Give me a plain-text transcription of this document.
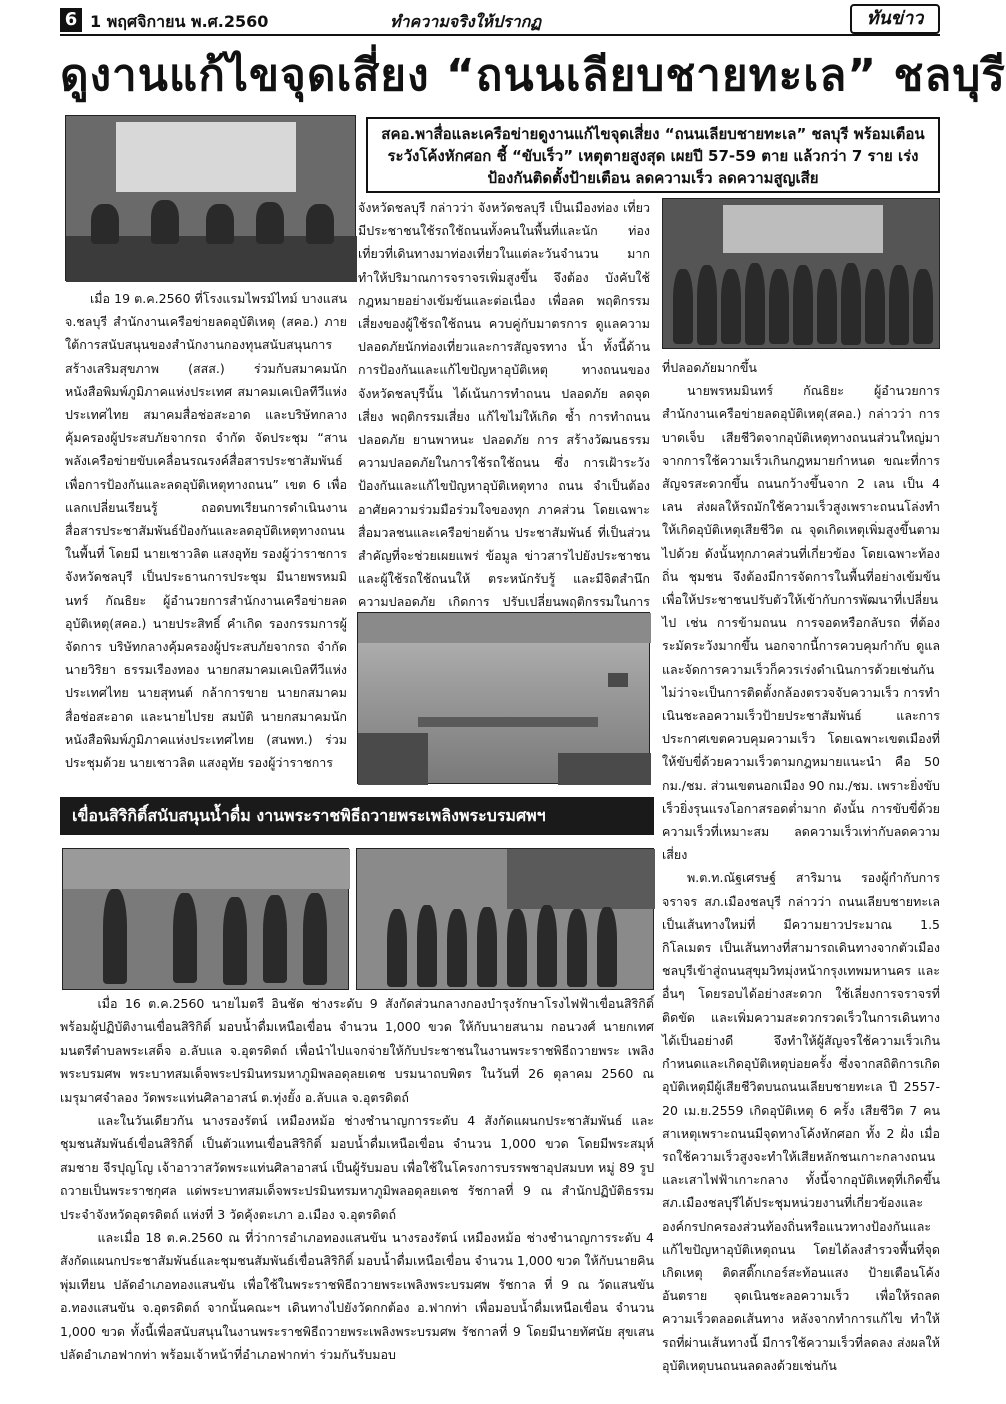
6 1 พฤศจิกายน พ.ศ.2560	ทำความจริงให้ปรากฏ	ทันข่าว
ดูงานแก้ไขจุดเสี่ยง “ถนนเลียบชายทะเล” ชลบุรี
สคอ.พาสื่อและเครือข่ายดูงานแก้ไขจุดเสี่ยง “ถนนเลียบชายทะเล” ชลบุรี พร้อมเตือนระวังโค้งหักศอก ชี้ “ขับเร็ว” เหตุตายสูงสุด เผยปี 57-59 ตาย แล้วกว่า 7 ราย เร่งป้องกันติดตั้งป้ายเตือน ลดความเร็ว ลดความสูญเสีย

เมื่อ 19 ต.ค.2560 ที่โรงแรมไพรม์ไทม์ บางแสน จ.ชลบุรี สำนักงานเครือข่ายลดอุบัติเหตุ (สคอ.) ภายใต้การสนับสนุนของสำนักงานกองทุนสนับสนุนการสร้างเสริมสุขภาพ (สสส.) ร่วมกับสมาคมนักหนังสือพิมพ์ภูมิภาคแห่งประเทศ สมาคมเคเบิลทีวีแห่งประเทศไทย สมาคมสื่อช่อสะอาด และบริษัทกลางคุ้มครองผู้ประสบภัยจากรถ จำกัด จัดประชุม “สานพลังเครือข่ายขับเคลื่อนรณรงค์สื่อสารประชาสัมพันธ์ เพื่อการป้องกันและลดอุบัติเหตุทางถนน” เขต 6 เพื่อแลกเปลี่ยนเรียนรู้ ถอดบทเรียนการดำเนินงาน สื่อสารประชาสัมพันธ์ป้องกันและลดอุบัติเหตุทางถนนในพื้นที่ โดยมี นายเชาวลิต แสงอุทัย รองผู้ว่าราชการจังหวัดชลบุรี เป็นประธานการประชุม มีนายพรหมมินทร์ กัณธิยะ ผู้อำนวยการสำนักงานเครือข่ายลดอุบัติเหตุ(สคอ.) นายประสิทธิ์ คำเกิด รองกรรมการผู้จัดการ บริษัทกลางคุ้มครองผู้ประสบภัยจากรถ จำกัด นายวิริยา ธรรมเรืองทอง นายกสมาคมเคเบิลทีวีแห่งประเทศไทย นายสุทนต์ กล้าการขาย นายกสมาคมสื่อช่อสะอาด และนายไปรย สมบัติ นายกสมาคมนักหนังสือพิมพ์ภูมิภาคแห่งประเทศไทย (สนพท.) ร่วมประชุมด้วย นายเชาวลิต แสงอุทัย รองผู้ว่าราชการ

จังหวัดชลบุรี กล่าวว่า จังหวัดชลบุรี เป็นเมืองท่อง เที่ยว มีประชาชนใช้รถใช้ถนนทั้งคนในพื้นที่และนัก ท่องเที่ยวที่เดินทางมาท่องเที่ยวในแต่ละวันจำนวน มาก ทำให้ปริมาณการจราจรเพิ่มสูงขึ้น จึงต้อง บังคับใช้กฎหมายอย่างเข้มข้นและต่อเนื่อง เพื่อลด พฤติกรรมเสี่ยงของผู้ใช้รถใช้ถนน ควบคู่กับมาตรการ ดูแลความปลอดภัยนักท่องเที่ยวและการสัญจรทาง น้ำ ทั้งนี้ด้านการป้องกันและแก้ไขปัญหาอุบัติเหตุ ทางถนนของจังหวัดชลบุรีนั้น ได้เน้นการทำถนน ปลอดภัย ลดจุดเสี่ยง พฤติกรรมเสี่ยง แก้ไขไม่ให้เกิด ซ้ำ การทำถนนปลอดภัย ยานพาหนะ ปลอดภัย การ สร้างวัฒนธรรมความปลอดภัยในการใช้รถใช้ถนน ซึ่ง การเฝ้าระวังป้องกันและแก้ไขปัญหาอุบัติเหตุทาง ถนน จำเป็นต้องอาศัยความร่วมมือร่วมใจของทุก ภาคส่วน โดยเฉพาะสื่อมวลชนและเครือข่ายด้าน ประชาสัมพันธ์ ที่เป็นส่วนสำคัญที่จะช่วยเผยแพร่ ข้อมูล ข่าวสารไปยังประชาชนและผู้ใช้รถใช้ถนนให้ ตระหนักรับรู้ และมีจิตสำนึกความปลอดภัย เกิดการ ปรับเปลี่ยนพฤติกรรมในการ

ที่ปลอดภัยมากขึ้น

นายพรหมมินทร์ กัณธิยะ ผู้อำนวยการสำนักงานเครือข่ายลดอุบัติเหตุ(สคอ.) กล่าวว่า การบาดเจ็บ เสียชีวิตจากอุบัติเหตุทางถนนส่วนใหญ่มาจากการใช้ความเร็วเกินกฎหมายกำหนด ขณะที่การสัญจรสะดวกขึ้น ถนนกว้างขึ้นจาก 2 เลน เป็น 4 เลน ส่งผลให้รถมักใช้ความเร็วสูงเพราะถนนโล่งทำ ให้เกิดอุบัติเหตุเสียชีวิต ณ จุดเกิดเหตุเพิ่มสูงขึ้นตามไปด้วย ดังนั้นทุกภาคส่วนที่เกี่ยวข้อง โดยเฉพาะท้องถิ่น ชุมชน จึงต้องมีการจัดการในพื้นที่อย่างเข้มข้น เพื่อให้ประชาชนปรับตัวให้เข้ากับการพัฒนาที่เปลี่ยนไป เช่น การข้ามถนน การจอดหรือกลับรถ ที่ต้องระมัดระวังมากขึ้น นอกจากนี้การควบคุมกำกับ ดูแลและจัดการความเร็วก็ควรเร่งดำเนินการด้วยเช่นกัน ไม่ว่าจะเป็นการติดตั้งกล้องตรวจจับความเร็ว การทำเนินชะลอความเร็วป้ายประชาสัมพันธ์ และการประกาศเขตควบคุมความเร็ว โดยเฉพาะเขตเมืองที่ให้ขับขี่ด้วยความเร็วตามกฎหมายแนะนำ คือ 50 กม./ชม. ส่วนเขตนอกเมือง 90 กม./ชม. เพราะยิ่งขับเร็วยิ่งรุนแรงโอกาสรอดต่ำมาก ดังนั้น การขับขี่ด้วยความเร็วที่เหมาะสม ลดความเร็วเท่ากับลดความเสี่ยง

พ.ต.ท.ณัฐเศรษฐ์ สาริมาน รองผู้กำกับการจราจร สภ.เมืองชลบุรี กล่าวว่า ถนนเลียบชายทะเล เป็นเส้นทางใหม่ที่ มีความยาวประมาณ 1.5 กิโลเมตร เป็นเส้นทางที่สามารถเดินทางจากตัวเมืองชลบุรีเข้าสู่ถนนสุขุมวิทมุ่งหน้ากรุงเทพมหานคร และอื่นๆ โดยรอบได้อย่างสะดวก ใช้เลี่ยงการจราจรที่ติดขัด และเพิ่มความสะดวกรวดเร็วในการเดินทางได้เป็นอย่างดี จึงทำให้ผู้สัญจรใช้ความเร็วเกินกำหนดและเกิดอุบัติเหตุบ่อยครั้ง ซึ่งจากสถิติการเกิดอุบัติเหตุมีผู้เสียชีวิตบนถนนเลียบชายทะเล ปี 2557-20 เม.ย.2559 เกิดอุบัติเหตุ 6 ครั้ง เสียชีวิต 7 คน สาเหตุเพราะถนนมีจุดทางโค้งหักศอก ทั้ง 2 ฝั่ง เมื่อรถใช้ความเร็วสูงจะทำให้เสียหลักชนเกาะกลางถนนและเสาไฟฟ้าเกาะกลาง ทั้งนี้จากอุบัติเหตุที่เกิดขึ้น สภ.เมืองชลบุรีได้ประชุมหน่วยงานที่เกี่ยวข้องและองค์กรปกครองส่วนท้องถิ่นหรือแนวทางป้องกันและแก้ไขปัญหาอุบัติเหตุถนน โดยได้ลงสำรวจพื้นที่จุดเกิดเหตุ ติดสติ๊กเกอร์สะท้อนแสง ป้ายเตือนโค้งอันตราย จุดเนินชะลอความเร็ว เพื่อให้รถลดความเร็วตลอดเส้นทาง หลังจากทำการแก้ไข ทำให้รถที่ผ่านเส้นทางนี้ มีการใช้ความเร็วที่ลดลง ส่งผลให้อุบัติเหตุบนถนนลดลงด้วยเช่นกัน

เขื่อนสิริกิติ์สนับสนุนน้ำดื่ม งานพระราชพิธีถวายพระเพลิงพระบรมศพฯ

เมื่อ 16 ต.ค.2560 นายไมตรี อินชัด ช่างระดับ 9 สังกัดส่วนกลางกองบำรุงรักษาโรงไฟฟ้าเขื่อนสิริกิติ์ พร้อมผู้ปฏิบัติงานเขื่อนสิริกิติ์ มอบน้ำดื่มเหนือเขื่อน จำนวน 1,000 ขวด ให้กับนายสนาม กอนวงศ์ นายกเทศ มนตรีตำบลพระเสด็จ อ.ลับแล จ.อุตรดิตถ์ เพื่อนำไปแจกจ่ายให้กับประชาชนในงานพระราชพิธีถวายพระ เพลิงพระบรมศพ พระบาทสมเด็จพระปรมินทรมหาภูมิพลอดุลยเดช บรมนาถบพิตร ในวันที่ 26 ตุลาคม 2560 ณ เมรุมาศจำลอง วัดพระแท่นศิลาอาสน์ ต.ทุ่งยั้ง อ.ลับแล จ.อุตรดิตถ์

และในวันเดียวกัน นางรองรัตน์ เหมืองหม้อ ช่างชำนาญการระดับ 4 สังกัดแผนกประชาสัมพันธ์ และชุมชนสัมพันธ์เขื่อนสิริกิติ์ เป็นตัวแทนเขื่อนสิริกิติ์ มอบน้ำดื่มเหนือเขื่อน จำนวน 1,000 ขวด โดยมีพระสมุห์สมชาย จีรปุญโญ เจ้าอาวาสวัดพระแท่นศิลาอาสน์ เป็นผู้รับมอบ เพื่อใช้ในโครงการบรรพชาอุปสมบท หมู่ 89 รูป ถวายเป็นพระราชกุศล แด่พระบาทสมเด็จพระปรมินทรมหาภูมิพลอดุลยเดช รัชกาลที่ 9 ณ สำนักปฏิบัติธรรมประจำจังหวัดอุตรดิตถ์ แห่งที่ 3 วัดคุ้งตะเภา อ.เมือง จ.อุตรดิตถ์

และเมื่อ 18 ต.ค.2560 ณ ที่ว่าการอำเภอทองแสนขัน นางรองรัตน์ เหมืองหม้อ ช่างชำนาญการระดับ 4 สังกัดแผนกประชาสัมพันธ์และชุมชนสัมพันธ์เขื่อนสิริกิติ์ มอบน้ำดื่มเหนือเขื่อน จำนวน 1,000 ขวด ให้กับนายคิน พุ่มเทียน ปลัดอำเภอทองแสนขัน เพื่อใช้ในพระราชพิธีถวายพระเพลิงพระบรมศพ รัชกาล ที่ 9 ณ วัดแสนขัน อ.ทองแสนขัน จ.อุตรดิตถ์ จากนั้นคณะฯ เดินทางไปยังวัดกกต้อง อ.ฟากท่า เพื่อมอบน้ำดื่มเหนือเขื่อน จำนวน 1,000 ขวด ทั้งนี้เพื่อสนับสนุนในงานพระราชพิธีถวายพระเพลิงพระบรมศพ รัชกาลที่ 9 โดยมีนายทัศนัย สุขเสน ปลัดอำเภอฟากท่า พร้อมเจ้าหน้าที่อำเภอฟากท่า ร่วมกันรับมอบ
